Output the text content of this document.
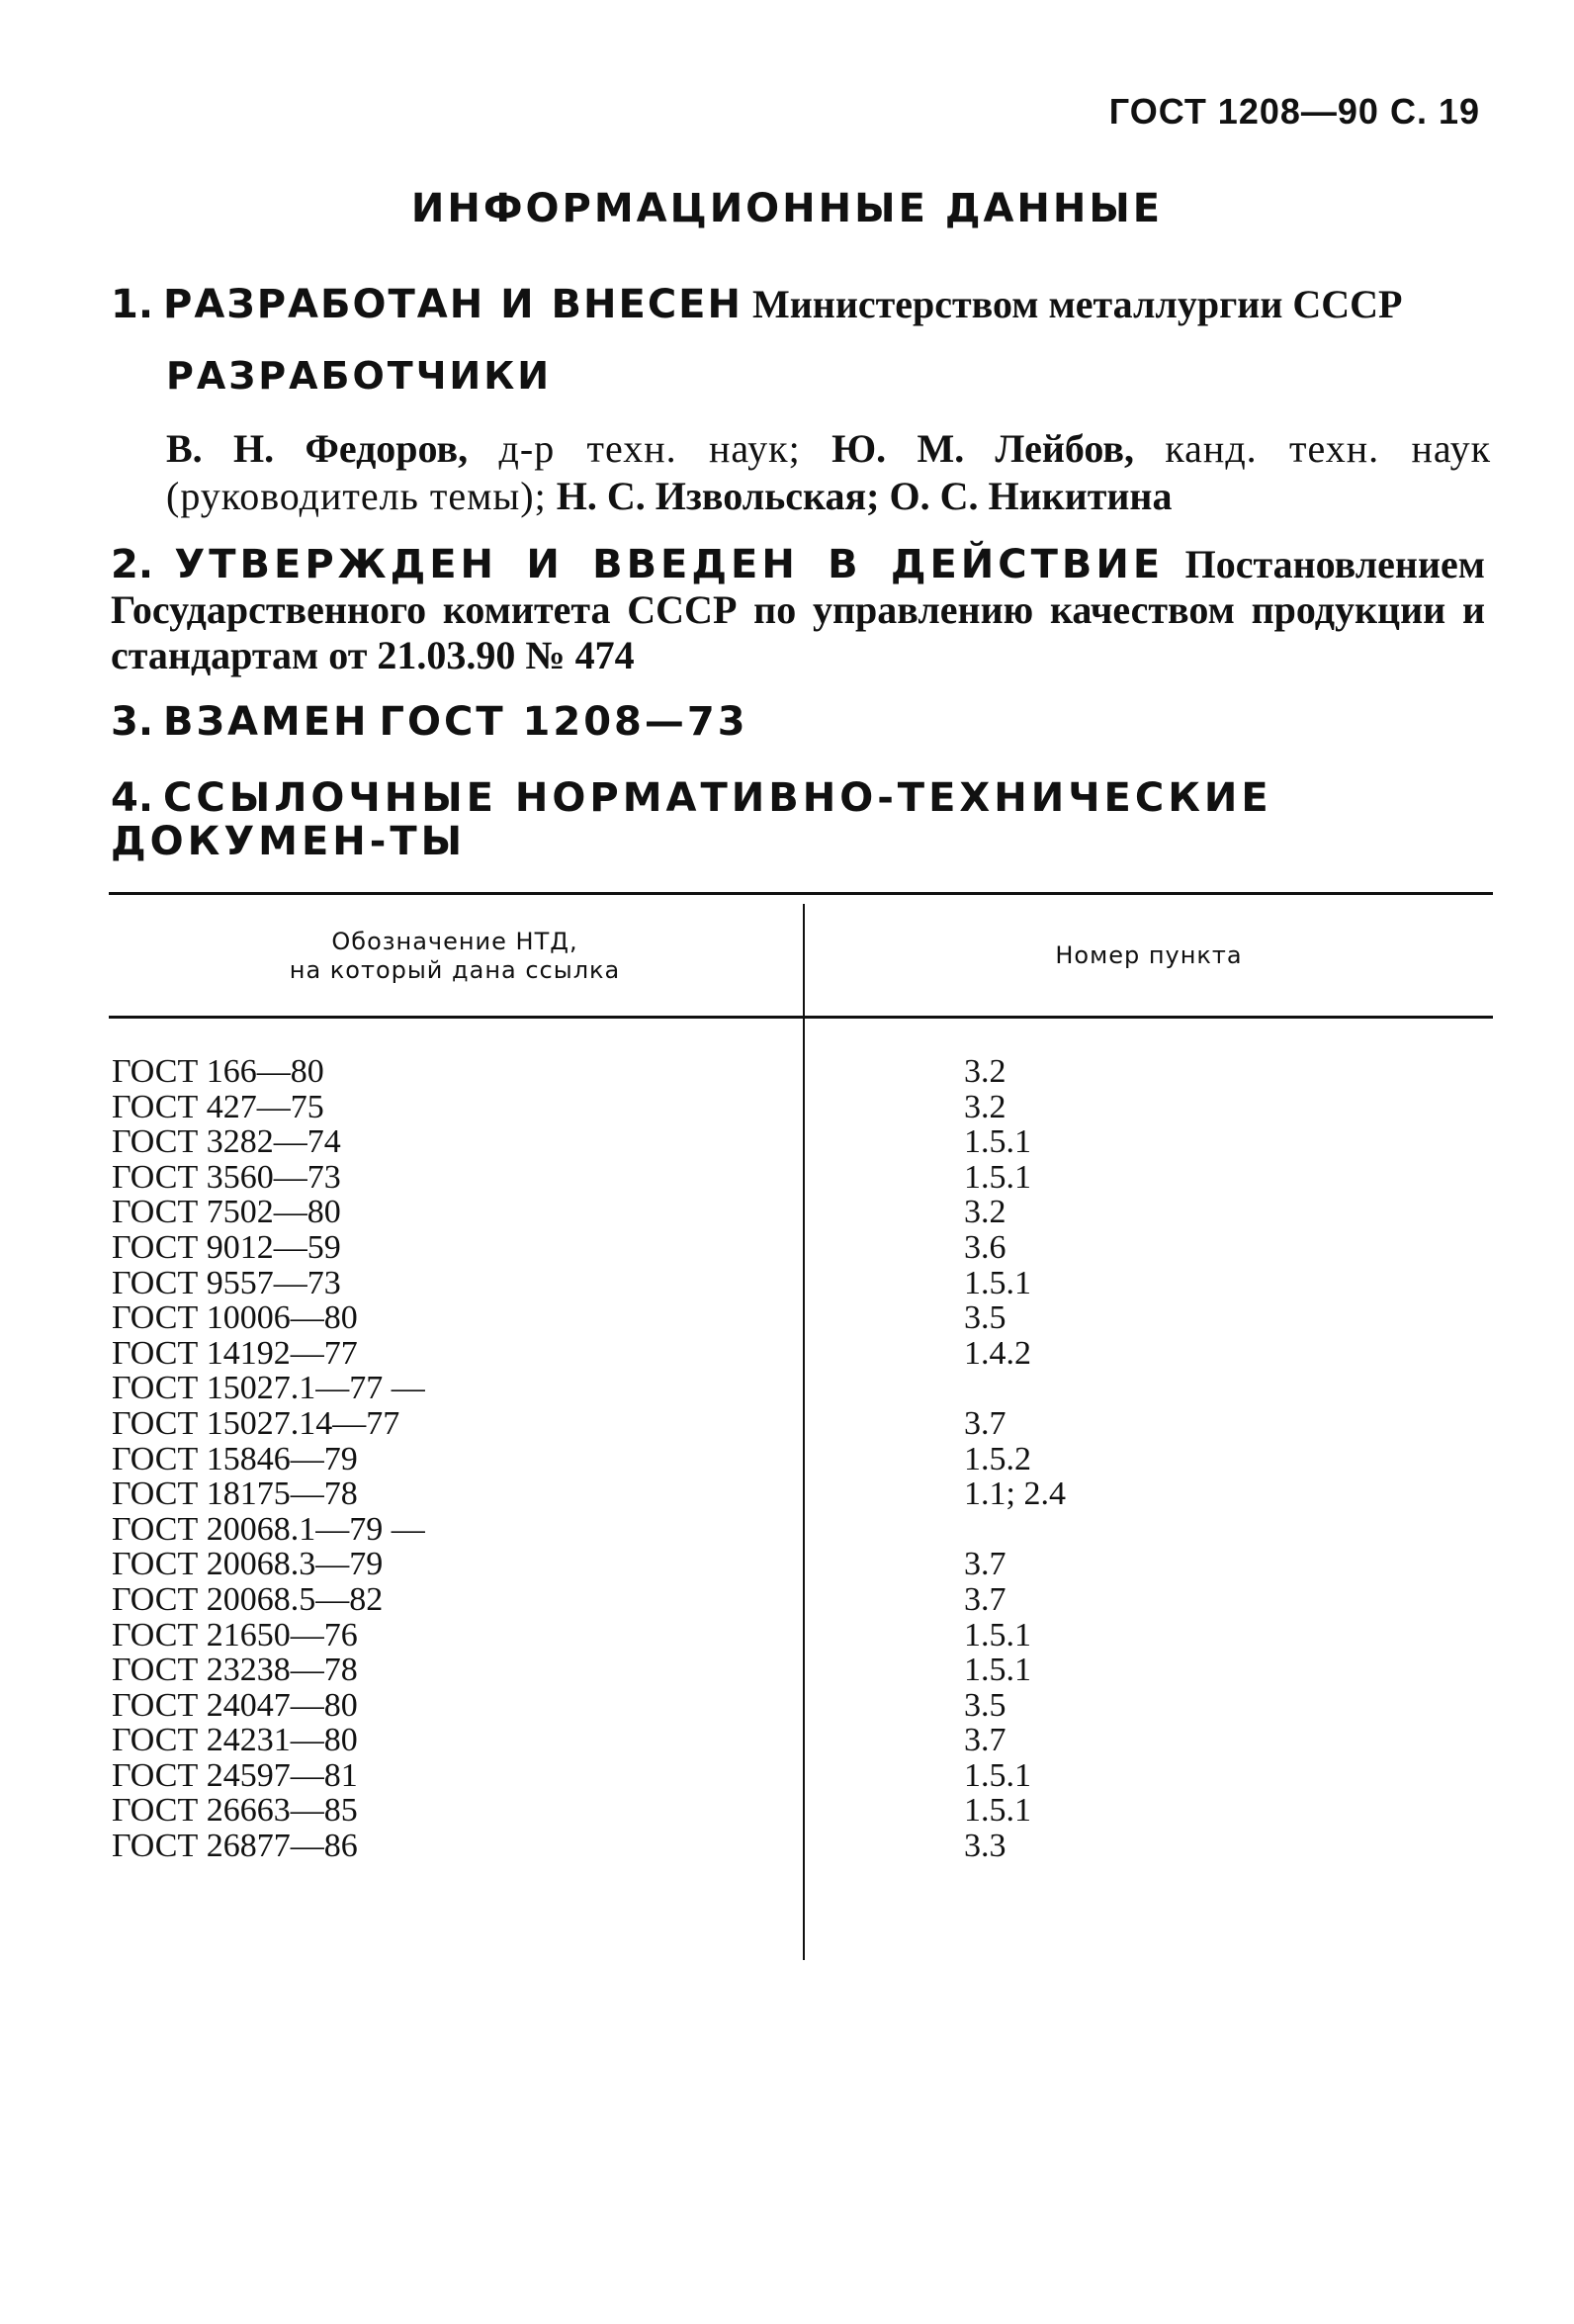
ГОСТ 1208—90 С. 19
ИНФОРМАЦИОННЫЕ ДАННЫЕ
1. РАЗРАБОТАН И ВНЕСЕН Министерством металлургии СССР
РАЗРАБОТЧИКИ
В. Н. Федоров, д-р техн. наук; Ю. М. Лейбов, канд. техн. наук (руководитель темы); Н. С. Извольская; О. С. Никитина
2. УТВЕРЖДЕН И ВВЕДЕН В ДЕЙСТВИЕ Постановлением Государственного комитета СССР по управлению качеством продукции и стандартам от 21.03.90 № 474
3. ВЗАМЕН ГОСТ 1208—73
4. ССЫЛОЧНЫЕ НОРМАТИВНО-ТЕХНИЧЕСКИЕ ДОКУМЕН-ТЫ
Обозначение НТД,
на который дана ссылка
Номер пункта
ГОСТ 166—80	3.2
ГОСТ 427—75	3.2
ГОСТ 3282—74	1.5.1
ГОСТ 3560—73	1.5.1
ГОСТ 7502—80	3.2
ГОСТ 9012—59	3.6
ГОСТ 9557—73	1.5.1
ГОСТ 10006—80	3.5
ГОСТ 14192—77	1.4.2
ГОСТ 15027.1—77 —
ГОСТ 15027.14—77	3.7
ГОСТ 15846—79	1.5.2
ГОСТ 18175—78	1.1; 2.4
ГОСТ 20068.1—79 —
ГОСТ 20068.3—79	3.7
ГОСТ 20068.5—82	3.7
ГОСТ 21650—76	1.5.1
ГОСТ 23238—78	1.5.1
ГОСТ 24047—80	3.5
ГОСТ 24231—80	3.7
ГОСТ 24597—81	1.5.1
ГОСТ 26663—85	1.5.1
ГОСТ 26877—86	3.3
